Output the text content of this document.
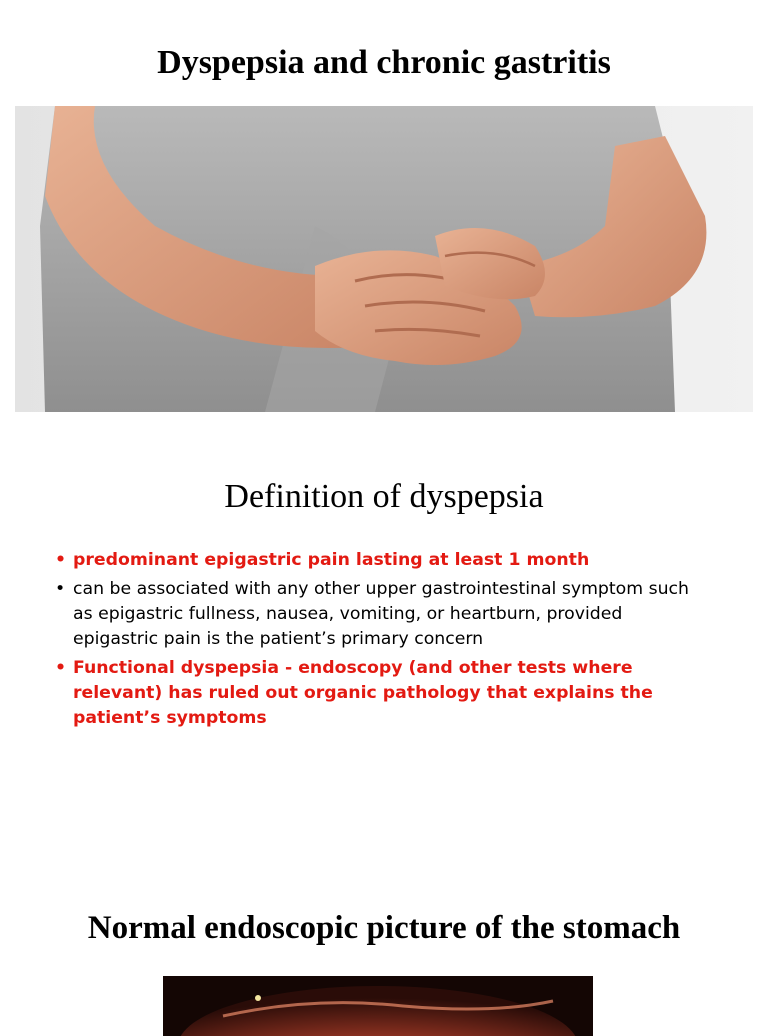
Dyspepsia and chronic gastritis
Definition of dyspepsia
• predominant epigastric pain lasting at least 1 month
• can be associated with any other upper gastrointestinal symptom such as epigastric fullness, nausea, vomiting, or heartburn, provided epigastric pain is the patient’s primary concern
• Functional dyspepsia - endoscopy (and other tests where relevant) has ruled out organic pathology that explains the patient’s symptoms
Normal endoscopic picture of the stomach
